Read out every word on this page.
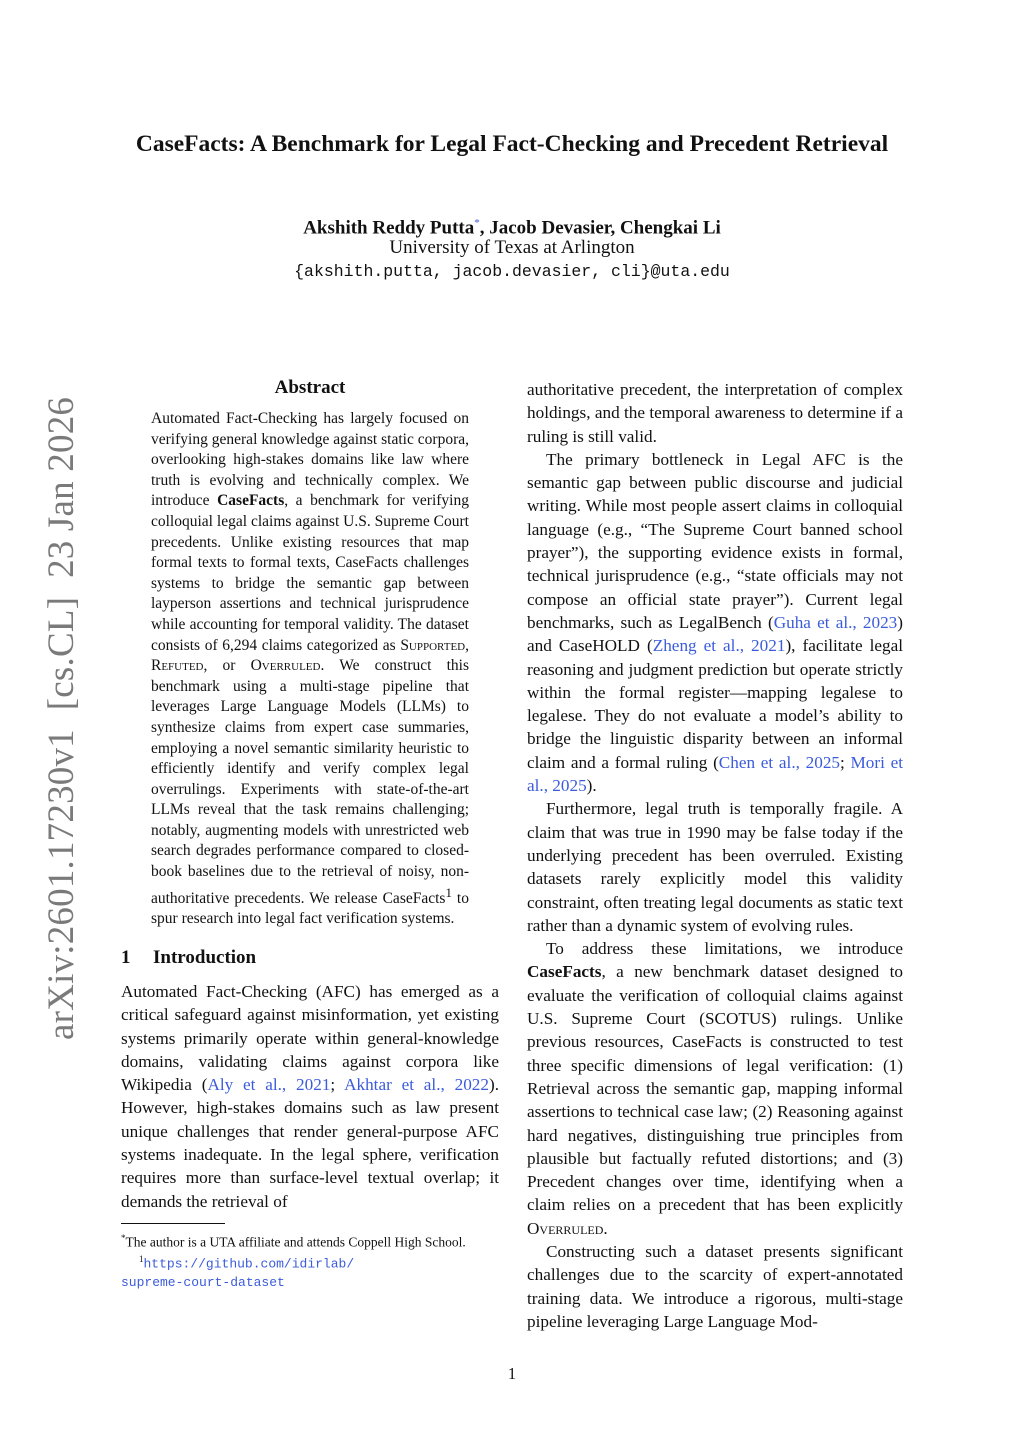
arXiv:2601.17230v1  [cs.CL]  23 Jan 2026
CaseFacts: A Benchmark for Legal Fact-Checking and Precedent Retrieval
Akshith Reddy Putta*, Jacob Devasier, Chengkai Li
University of Texas at Arlington
{akshith.putta, jacob.devasier, cli}@uta.edu
Abstract

Automated Fact-Checking has largely focused on verifying general knowledge against static corpora, overlooking high-stakes domains like law where truth is evolving and technically complex. We introduce CaseFacts, a benchmark for verifying colloquial legal claims against U.S. Supreme Court precedents. Unlike existing resources that map formal texts to formal texts, CaseFacts challenges systems to bridge the semantic gap between layperson assertions and technical jurisprudence while accounting for temporal validity. The dataset consists of 6,294 claims categorized as Supported, Refuted, or Overruled. We construct this benchmark using a multi-stage pipeline that leverages Large Language Models (LLMs) to synthesize claims from expert case summaries, employing a novel semantic similarity heuristic to efficiently identify and verify complex legal overrulings. Experiments with state-of-the-art LLMs reveal that the task remains challenging; notably, augmenting models with unrestricted web search degrades performance compared to closed-book baselines due to the retrieval of noisy, non-authoritative precedents. We release CaseFacts$^1$ to spur research into legal fact verification systems.

1 Introduction

Automated Fact-Checking (AFC) has emerged as a critical safeguard against misinformation, yet existing systems primarily operate within general-knowledge domains, validating claims against corpora like Wikipedia (Aly et al., 2021; Akhtar et al., 2022). However, high-stakes domains such as law present unique challenges that render general-purpose AFC systems inadequate. In the legal sphere, verification requires more than surface-level textual overlap; it demands the retrieval of

*The author is a UTA affiliate and attends Coppell High School.

$^1$https://github.com/idirlab/

supreme-court-dataset

authoritative precedent, the interpretation of complex holdings, and the temporal awareness to determine if a ruling is still valid.

The primary bottleneck in Legal AFC is the semantic gap between public discourse and judicial writing. While most people assert claims in colloquial language (e.g., “The Supreme Court banned school prayer”), the supporting evidence exists in formal, technical jurisprudence (e.g., “state officials may not compose an official state prayer”). Current legal benchmarks, such as LegalBench (Guha et al., 2023) and CaseHOLD (Zheng et al., 2021), facilitate legal reasoning and judgment prediction but operate strictly within the formal register—mapping legalese to legalese. They do not evaluate a model’s ability to bridge the linguistic disparity between an informal claim and a formal ruling (Chen et al., 2025; Mori et al., 2025).

Furthermore, legal truth is temporally fragile. A claim that was true in 1990 may be false today if the underlying precedent has been overruled. Existing datasets rarely explicitly model this validity constraint, often treating legal documents as static text rather than a dynamic system of evolving rules.

To address these limitations, we introduce CaseFacts, a new benchmark dataset designed to evaluate the verification of colloquial claims against U.S. Supreme Court (SCOTUS) rulings. Unlike previous resources, CaseFacts is constructed to test three specific dimensions of legal verification: (1) Retrieval across the semantic gap, mapping informal assertions to technical case law; (2) Reasoning against hard negatives, distinguishing true principles from plausible but factually refuted distortions; and (3) Precedent changes over time, identifying when a claim relies on a precedent that has been explicitly Overruled.

Constructing such a dataset presents significant challenges due to the scarcity of expert-annotated training data. We introduce a rigorous, multi-stage pipeline leveraging Large Language Mod-

1
